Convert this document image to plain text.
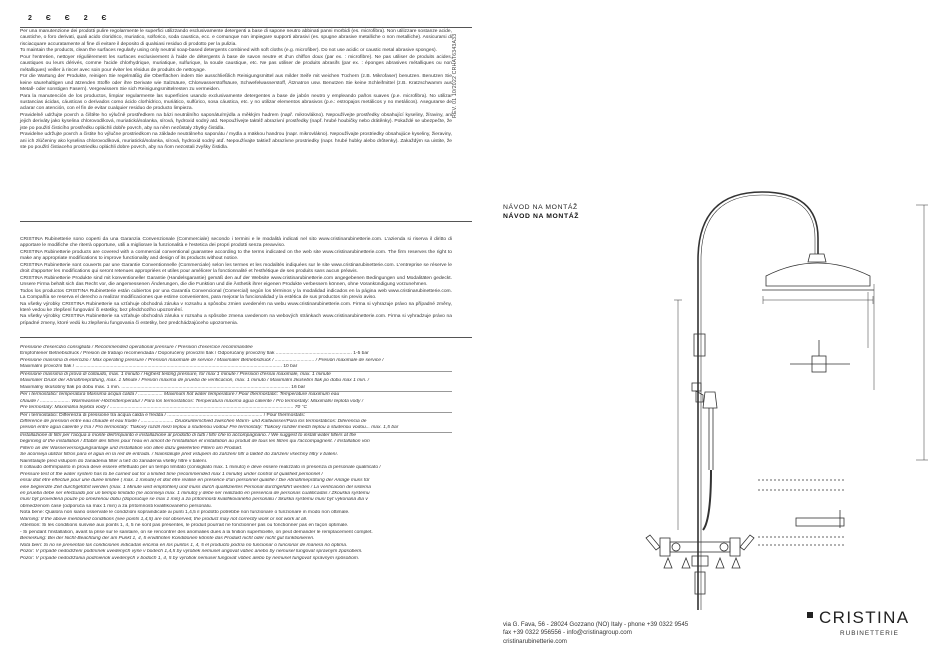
2 Є Є 2 Є

Per una manutenzione dei prodotti pulire regolarmente le superfici utilizzando esclusivamente detergenti a base di sapone neutro abbinati panni morbidi (es. microfibra). Non utilizzare sostanze acide, caustiche, o foro derivati, quali acido cloridrico, muriatico, solforico, soda caustica, ecc. e comunque non impiegare supporti abrasivi (es. spugne abrasive metalliche o non metalliche). Assicurarsi di risciacquare accuratamente al fine di evitare il deposito di qualsiasi residuo di prodotto per la pulizia.

To maintain the products, clean the surfaces regularly using only neutral soap-based detergents combined with soft cloths (e.g. microfiber). Do not use acidic or caustic metal abrasive sponges).

Pour l'entretien, nettoyer régulièrement les surfaces exclusivement à l'aide de détergents à base de savon neutre et d'un chiffon doux (par ex. : microfibre). Ne pas utiliser de produits acides, caustiques ou leurs dérivés, comme l'acide chlorhydrique, muriatique, sulfurique, la soude caustique, etc. Ne pas utiliser de produits abrasifs (par ex. : éponges abrasives métalliques ou non métalliques) veiller à rincer avec soin pour éviter les résidus de produits de nettoyage.

Für die Wartung der Produkte, reinigen Sie regelmäßig die Oberflächen indem Sie ausschließlich Reinigungsmittel aus milder Seife mit weichen Tüchern (z.B. Mikrofaser) benutzen. Benutzen Sie keine säurehaltigen und ätzenden Stoffe oder ihre Derivate wie Salzsäure, Chlorwasserstoffsäure, Schwefelwasserstoff, Ätznatron usw. Benutzen Sie keine Schleifmittel (z.B. Kratzschwamm aus Metall- oder sonstigen Fasern). Vergewissern Sie sich Reinigungsmittelresten zu vermeiden.

Para la manutención de los productos, limpiar regularmente las superficies usando exclusivamente detergentes a base de jabón neutro y empleando paños suaves (p.e. microfibra). No utilizar sustancias ácidas, cáusticas o derivados como ácido clorhídrico, muriático, sulfúrico, sosa cáustica, etc. y no utilizar elementos abrasivos (p.e.: estropajos metálicos y no metálicos). Asegurarse de aclarar con atención, con el fin de evitar cualquier residuo de producto limpieza.

Pravidelně udržujte povrch a čištěte ho výlučně prostředkem na bázi neutrálního saponátu/mýdla a měkkým hadrem (např. mikrovlákno). Nepoužívejte prostředky obsahující kyseliny, žíraviny, ani jejich deriváty jako kyselina chlorovodíková, muriatická/solanka, sírová, hydroxid sodný atd. Nepoužívejte taktéž abrazivní prostředky (např. hrubé houbičky nebo drátěnky). Pokaždé se ubezpečte, že jste po použití čisticího prostředku opláchli dobře povrch, aby na něm nezůstaly zbytky čistidla.

Pravidelne udržujte povrch a čistite ho výlučne prostriedkom na základe neutrálneho saponátu / mydla a mäkkou handrou (napr. mikrovlákno). Nepoužívajte prostriedky obsahujúce kyseliny, žieraviny, ani ich zlúčeniny ako kyselina chlorovodíková, muriatická/solanka, sírová, hydroxid sodný atď. Nepoužívajte taktiež abrazívne prostriedky (napr. hrubé hubky alebo drôtenky). Zakaždým sa uistite, že ste po použití čistiaceho prostriedku opláchli dobre povrch, aby na ňom nezostali zvyšky čistidla.

CRISTINA Rubinetterie sono coperti da una Garanzia Convenzionale (Commerciale) secondo i termini e le modalità indicati nel sito www.cristinarubinetterie.com. L'azienda si riserva il diritto di apportare le modifiche che riterrà opportune, utili a migliorare la funzionalità e l'estetica dei propri prodotti senza preavviso.

CRISTINA Rubinetterie products are covered with a commercial conventional guarantee according to the terms indicated on the web site www.cristinarubinetterie.com. The firm reserves the right to make any appropriate modifications to improve functionality and design of its products without notice.

CRISTINA Rubinetterie sont couverts par une Garantie Conventionnelle (Commerciale) selon les termes et les modalités indiquées sur le site www.cristinarubinetterie.com. L'entreprise se réserve le droit d'apporter les modifications qui seront retenues appropriées et utiles pour améliorer la fonctionnalité et l'esthétique de ses produits sans aucun préavis.

CRISTINA Rubinetterie Produkte sind mit konventioneller Garantie (Handelsgarantie) gemäß den auf der Website www.cristinarubinetterie.com angegebenen Bedingungen und Modalitäten gedeckt. Unsere Firma behält sich das Recht vor, die angemessenen Änderungen, die die Funktion und die Ästhetik ihrer eigenen Produkte verbessern können, ohne Vorankündigung vorzunehmen.

Todos los productos CRISTINA Rubinetterie están cubiertos por una Garantía Convencional (Comercial) según los términos y la modalidad indicados en la página web www.cristinarubinetterie.com. La Compañía se reserva el derecho a realizar modificaciones que estime convenientes, para mejorar la funcionalidad y la estética de sus productos sin previo aviso.

Na všetky výrobky CRISTINA Rubinetterie sa vzťahuje obchodná záruka v rozsahu a spôsobu zmien uvedeném na webu www.cristinarubinetterie.com. Firma si vyhrazuje právo na případné změny, které vedou ke zlepšení fungování či estetiky, bez předchozího upozornění.

Na všetky výrobky CRISTINA Rubinetterie sa vzťahuje obchodná záruka v rozsahu a spôsobe zmena uvedenom na webových stránkach www.cristinarubinetterie.com. Firma si vyhradzuje právo na prípadné zmeny, ktoré vedú ku zlepšeniu fungovania či estetiky, bez predchádzajúceho upozornenia.

Pressione d'esercizio consigliata / Recommended operational pressure / Pression d'exercice recommandée

Empfohlener Betriebsdruck / Presión de trabajo recomendada / Doporučený provozní tlak / Odporúčaný provozný tlak ........................................................ 1-5 bar

Pressione massima di esercizio / Max operating pressure / Pression maximale de service / Maximaler Betriebsdruck / ............................. / Presión maximale de service /

Maximální provozní tlak / ........................................................................................................................................................ 10 bar

Pressione massima di prova di collaudo, max. 1 minuto / Highest testing pressure, for max 1 minute / Pression d'essai maximale, max. 1 minute

Maximaler Druck der Abnahmeprüfung, max. 1 Minute / Presión máxima de prueba de verificación, máx. 1 minuto / Maximální zkušební tlak po dobu max 1 min. /

Maximálny skúšobný tlak po dobu max. 1 min. ............................................................................................................................ 16 bar

Per i termostatici: temperatura Massima acqua calda / .................. Maximum hot water temperature / Pour thermostatic: Temperature maximum eau

chaude / ...................... Warmwasser-Höchsttemperatur / Para los termostáticos: Temperatura máxima agua caliente / Pro termostaty: Maximální teplota vody /

Pre termostaty: Maximálna teplota vody / ....................................................................................................................................... 70 °C

Per i termostatici: Differenza di pressione tra acqua calda e fredda / ...................................................................... / Pour thermostats:

Différence de pression entre eau chaude et eau froide / ........................ Druckunterschied zwischen Warm- und Kaltwasser/Para los termostáticos: Diferencia de

presión entre agua caliente y fría / Pro termostaty: Tlakový rozdíl mezi teplou a studenou vodou/ Pre termostaty: Tlakový rozdiel medzi teplou a studenou vodou... max. 1,5 bar

Installazione di filtri per l'acqua a monte dell'impianto e installazione al prodotto di tutti i filtri che lo accompagnano. / We suggest to install water filters at the

beginning of the installation / Établir des filtres pour l'eau en amont de l'installation et installation au produit de tous les filtres qui l'accompagnent. / Installation von

Filtern an der Wasserversorgungsanlage und Installation von allen dazu gelieferten Filtern am Produkt.

Se aconseja utilizar filtros para el agua en la red de entrada. / Nainstalujte před vstupem do zařízení filtr a taktéž do zařízení všechny filtry v balení.

Nainštalujte pred vstupom do zariadenia filter a tiež do zariadenia všetky filtre v balení.

Il collaudo dell'impianto in prova deve essere effettuato per un tempo limitato (consigliato max. 1 minuto) e deve essere realizzato in presenza di personale qualificato /

Pressure test of the water system has to be carried out for a limited time (recommended max 1 minute) under control of qualified personnel /

essai doit être effectué pour une durée limitée ( max. 1 minute) et doit être réalisé en présence d'un personnel qualifié / Die Abnahmeprüfung der Anlage muss für

eine begrenzte Zeit durchgeführt werden (max. 1 Minute wird empfohlen) und muss durch qualifiziertes Personal durchgeführt werden / La verificación del sistema

en prueba debe ser efectuado por un tiempo limitado (se aconseja max. 1 minuto) y debe ser realizado en presencia de personas cualificadas / Zkouška systému

musí být provedená pouze po omezenou dobu (doporučuje se max 1 min) a za přítomnosti kvalifikovaného personálu / Skúška systému musí byť vykonaná iba v

obmedzenom čase (odporúča sa max 1 min) a za prítomnosti kvalifikovaného personálu.

Nota bene: Qualora non siano osservate le condizioni sopraindicate ai punti 1,4,5 il prodotto potrebbe non funzionare o funzionare in modo non ottimale.

Warning: If the above mentioned conditions (see points 1,4,5) are not observed, the product may not correctly work or not work at all.

Attention: Si les conditions susvisé aux points 1, 4, 5 ne sont pas présentes, le produit pourrait ne fonctionner pas ou fonctionner pas en façon optimale.

- Si pendant l'installation, avant la prise sur le sanitaire, on se rencontrer des anomalies dues à la finition superficielle, on peut demander le remplacement complet.

Bemerkung: Bei der Nicht-Beachtung der am Punkt 1, 4, 5 erwähnten Konditionen könnte das Produkt nicht oder nicht gut funktionieren.

Nota bien: Si no se presentan las condiciones indicadas encima en los puntos 1, 4, 5 el producto podría no funcionar o funcionar de manera no óptima.

Pozor: V případě nedodržení podmínek uvedených výše v bodech 1,4,5 by výrobek nemusel ungovat vůbec anebo by nemusel fungovat správným způsobem.

Pozor: V prípade nedodržania podmienok uvedených v bodoch 1, 4, 5 by výrobok nemusel fungovať vôbec alebo by nemusel fungovať správnym spôsobom.

REV. 01 10/2022 CRHAT6343A33
NÁVOD NA MONTÁŽ
NÁVOD NA MONTÁŽ
via G. Fava, 56 - 28024 Gozzano (NO) Italy - phone +39 0322 9545
fax +39 0322 956556 - info@cristinagroup.com
cristinarubinetterie.com
CRISTINA
RUBINETTERIE
